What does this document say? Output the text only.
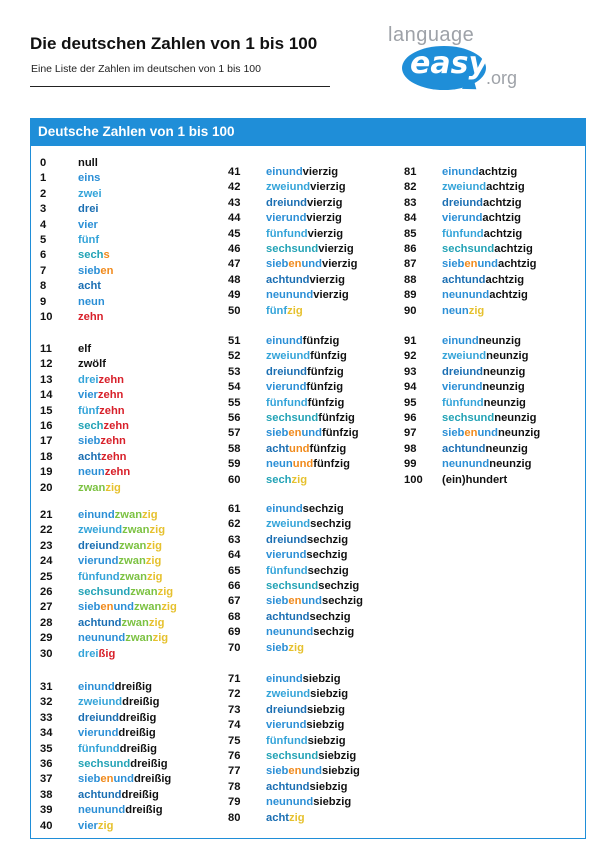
Die deutschen Zahlen von 1 bis 100
Eine Liste der Zahlen im deutschen von 1 bis 100
language
easy
.org
Deutsche Zahlen von 1 bis 100
0	null
1	eins
2	zwei
3	drei
4	vier
5	fünf
6	sechs
7	sieben
8	acht
9	neun
10 zehn
11 elf
12 zwölf
13 dreizehn
14 vierzehn
15 fünfzehn
16 sechzehn
17 siebzehn
18 achtzehn
19 neunzehn
20 zwanzig
21 einundzwanzig
22 zweiundzwanzig
23 dreiundzwanzig
24 vierundzwanzig
25 fünfundzwanzig
26 sechsundzwanzig
27 siebenundzwanzig
28 achtundzwanzig
29 neunundzwanzig
30 dreißig
31 einunddreißig
32 zweiunddreißig
33 dreiunddreißig
34 vierunddreißig
35 fünfunddreißig
36 sechsunddreißig
37 siebenunddreißig
38 achtunddreißig
39 neununddreißig
40 vierzig
41 einundvierzig
42 zweiundvierzig
43 dreiundvierzig
44 vierundvierzig
45 fünfundvierzig
46 sechsundvierzig
47 siebenundvierzig
48 achtundvierzig
49 neunundvierzig
50 fünfzig
51 einundfünfzig
52 zweiundfünfzig
53 dreiundfünfzig
54 vierundfünfzig
55 fünfundfünfzig
56 sechsundfünfzig
57 siebenundfünfzig
58 achtundfünfzig
59 neunundfünfzig
60 sechzig
61 einundsechzig
62 zweiundsechzig
63 dreiundsechzig
64 vierundsechzig
65 fünfundsechzig
66 sechsundsechzig
67 siebenundsechzig
68 achtundsechzig
69 neunundsechzig
70 siebzig
71 einundsiebzig
72 zweiundsiebzig
73 dreiundsiebzig
74 vierundsiebzig
75 fünfundsiebzig
76 sechsundsiebzig
77 siebenundsiebzig
78 achtundsiebzig
79 neunundsiebzig
80 achtzig
81 einundachtzig
82 zweiundachtzig
83 dreiundachtzig
84 vierundachtzig
85 fünfundachtzig
86 sechsundachtzig
87 siebenundachtzig
88 achtundachtzig
89 neunundachtzig
90 neunzig
91 einundneunzig
92 zweiundneunzig
93 dreiundneunzig
94 vierundneunzig
95 fünfundneunzig
96 sechsundneunzig
97 siebenundneunzig
98 achtundneunzig
99 neunundneunzig
100 (ein)hundert
